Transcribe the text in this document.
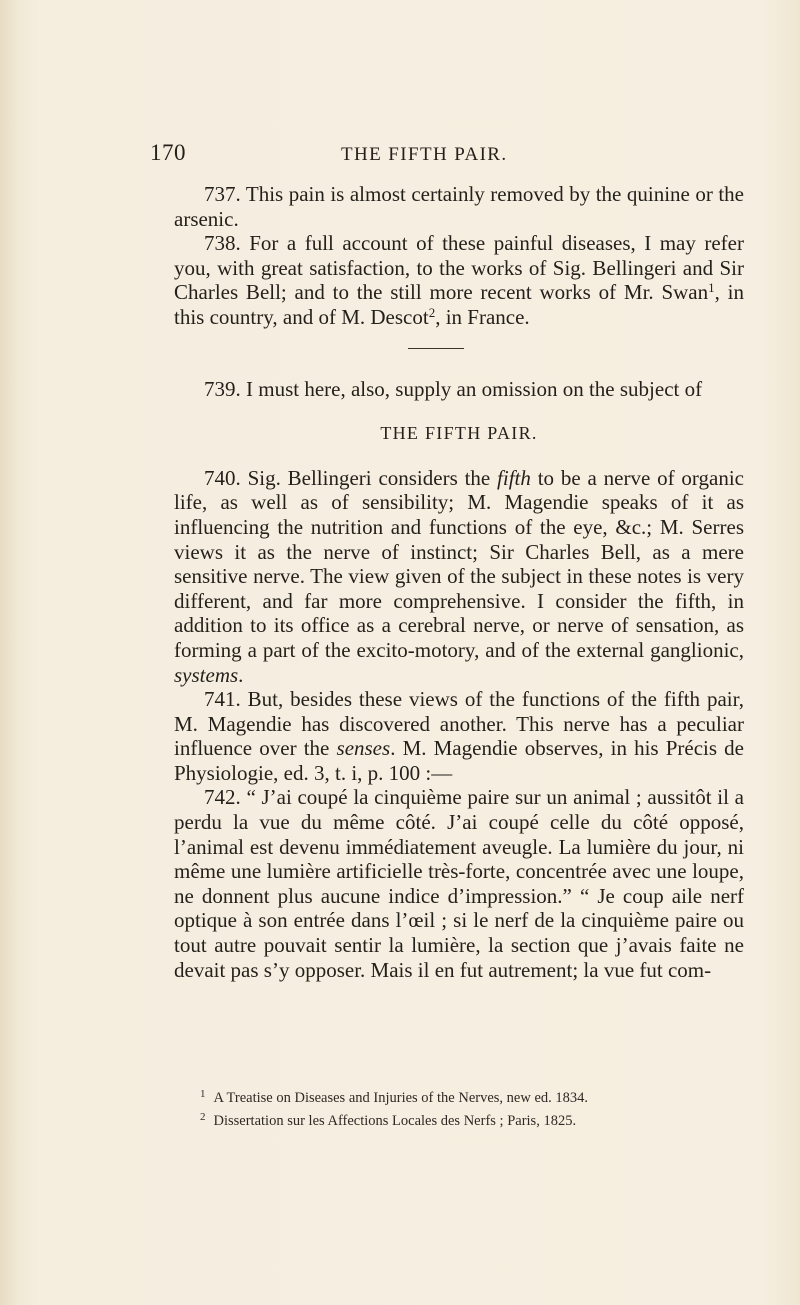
170	THE FIFTH PAIR.

737. This pain is almost certainly removed by the quinine or the arsenic.

738. For a full account of these painful diseases, I may refer you, with great satisfaction, to the works of Sig. Bellingeri and Sir Charles Bell; and to the still more recent works of Mr. Swan$^1$, in this country, and of M. Descot$^2$, in France.

739. I must here, also, supply an omission on the subject of

THE FIFTH PAIR.

740. Sig. Bellingeri considers the fifth to be a nerve of organic life, as well as of sensibility; M. Magendie speaks of it as influencing the nutrition and functions of the eye, &c.; M. Serres views it as the nerve of instinct; Sir Charles Bell, as a mere sensitive nerve. The view given of the subject in these notes is very different, and far more comprehensive. I consider the fifth, in addition to its office as a cerebral nerve, or nerve of sensation, as forming a part of the excito-motory, and of the external ganglionic, systems.

741. But, besides these views of the functions of the fifth pair, M. Magendie has discovered another. This nerve has a peculiar influence over the senses. M. Magendie observes, in his Précis de Physiologie, ed. 3, t. i, p. 100 :—

742. “ J’ai coupé la cinquième paire sur un animal ; aussitôt il a perdu la vue du même côté. J’ai coupé celle du côté opposé, l’animal est devenu immédiatement aveugle. La lumière du jour, ni même une lumière artificielle très-forte, concentrée avec une loupe, ne donnent plus aucune indice d’impression.” “ Je coup aile nerf optique à son entrée dans l’œil ; si le nerf de la cinquième paire ou tout autre pouvait sentir la lumière, la section que j’avais faite ne devait pas s’y opposer. Mais il en fut autrement; la vue fut com-

$^1$ A Treatise on Diseases and Injuries of the Nerves, new ed. 1834.

$^2$ Dissertation sur les Affections Locales des Nerfs ; Paris, 1825.
